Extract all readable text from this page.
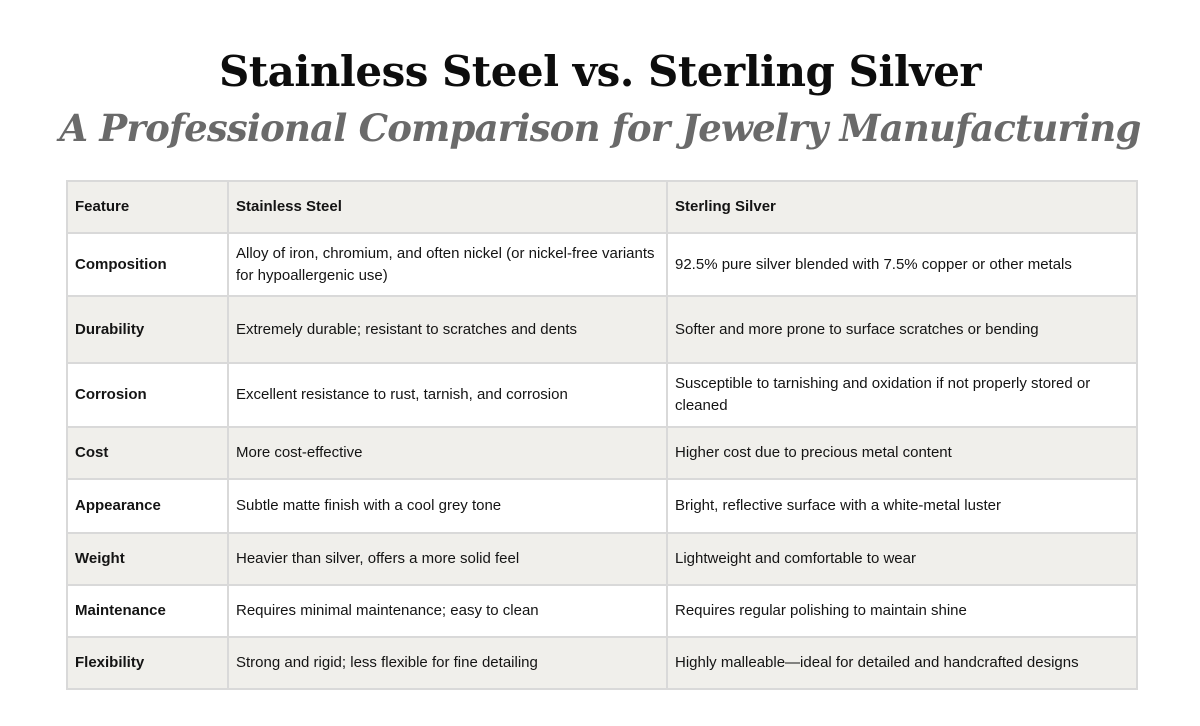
Stainless Steel vs. Sterling Silver
A Professional Comparison for Jewelry Manufacturing
Feature	Stainless Steel	Sterling Silver
Composition	Alloy of iron, chromium, and often nickel (or nickel-free variants for hypoallergenic use)	92.5% pure silver blended with 7.5% copper or other metals
Durability	Extremely durable; resistant to scratches and dents	Softer and more prone to surface scratches or bending
Corrosion	Excellent resistance to rust, tarnish, and corrosion	Susceptible to tarnishing and oxidation if not properly stored or cleaned
Cost	More cost-effective	Higher cost due to precious metal content
Appearance	Subtle matte finish with a cool grey tone	Bright, reflective surface with a white-metal luster
Weight	Heavier than silver, offers a more solid feel	Lightweight and comfortable to wear
Maintenance	Requires minimal maintenance; easy to clean	Requires regular polishing to maintain shine
Flexibility	Strong and rigid; less flexible for fine detailing	Highly malleable—ideal for detailed and handcrafted designs
